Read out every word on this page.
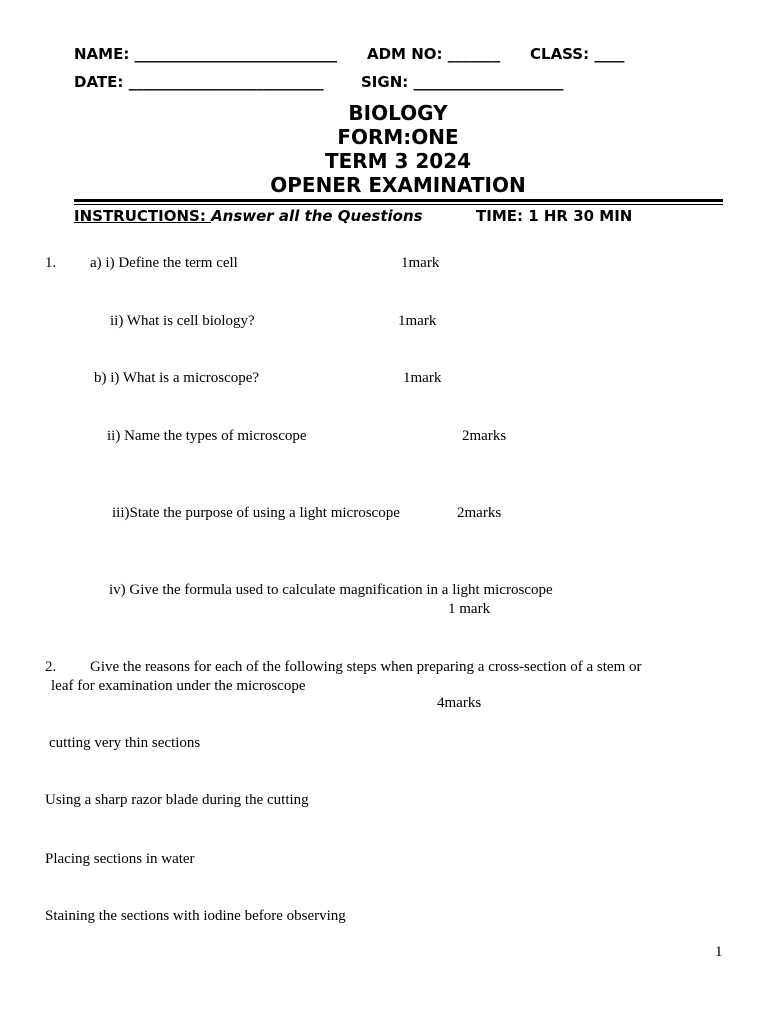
NAME: ___________________________ ADM NO: _______ CLASS: ____
DATE: __________________________ SIGN: ____________________
BIOLOGY
FORM:ONE
TERM 3 2024
OPENER EXAMINATION
INSTRUCTIONS: Answer all the Questions	TIME: 1 HR 30 MIN
1. a) i) Define the term cell	1mark
ii) What is cell biology?	1mark
b) i) What is a microscope?	1mark
ii) Name the types of microscope	2marks
iii)State the purpose of using a light microscope	2marks
iv) Give the formula used to calculate magnification in a light microscope
1 mark
2. Give the reasons for each of the following steps when preparing a cross-section of a stem or
leaf for examination under the microscope
4marks
cutting very thin sections
Using a sharp razor blade during the cutting
Placing sections in water
Staining the sections with iodine before observing
1
